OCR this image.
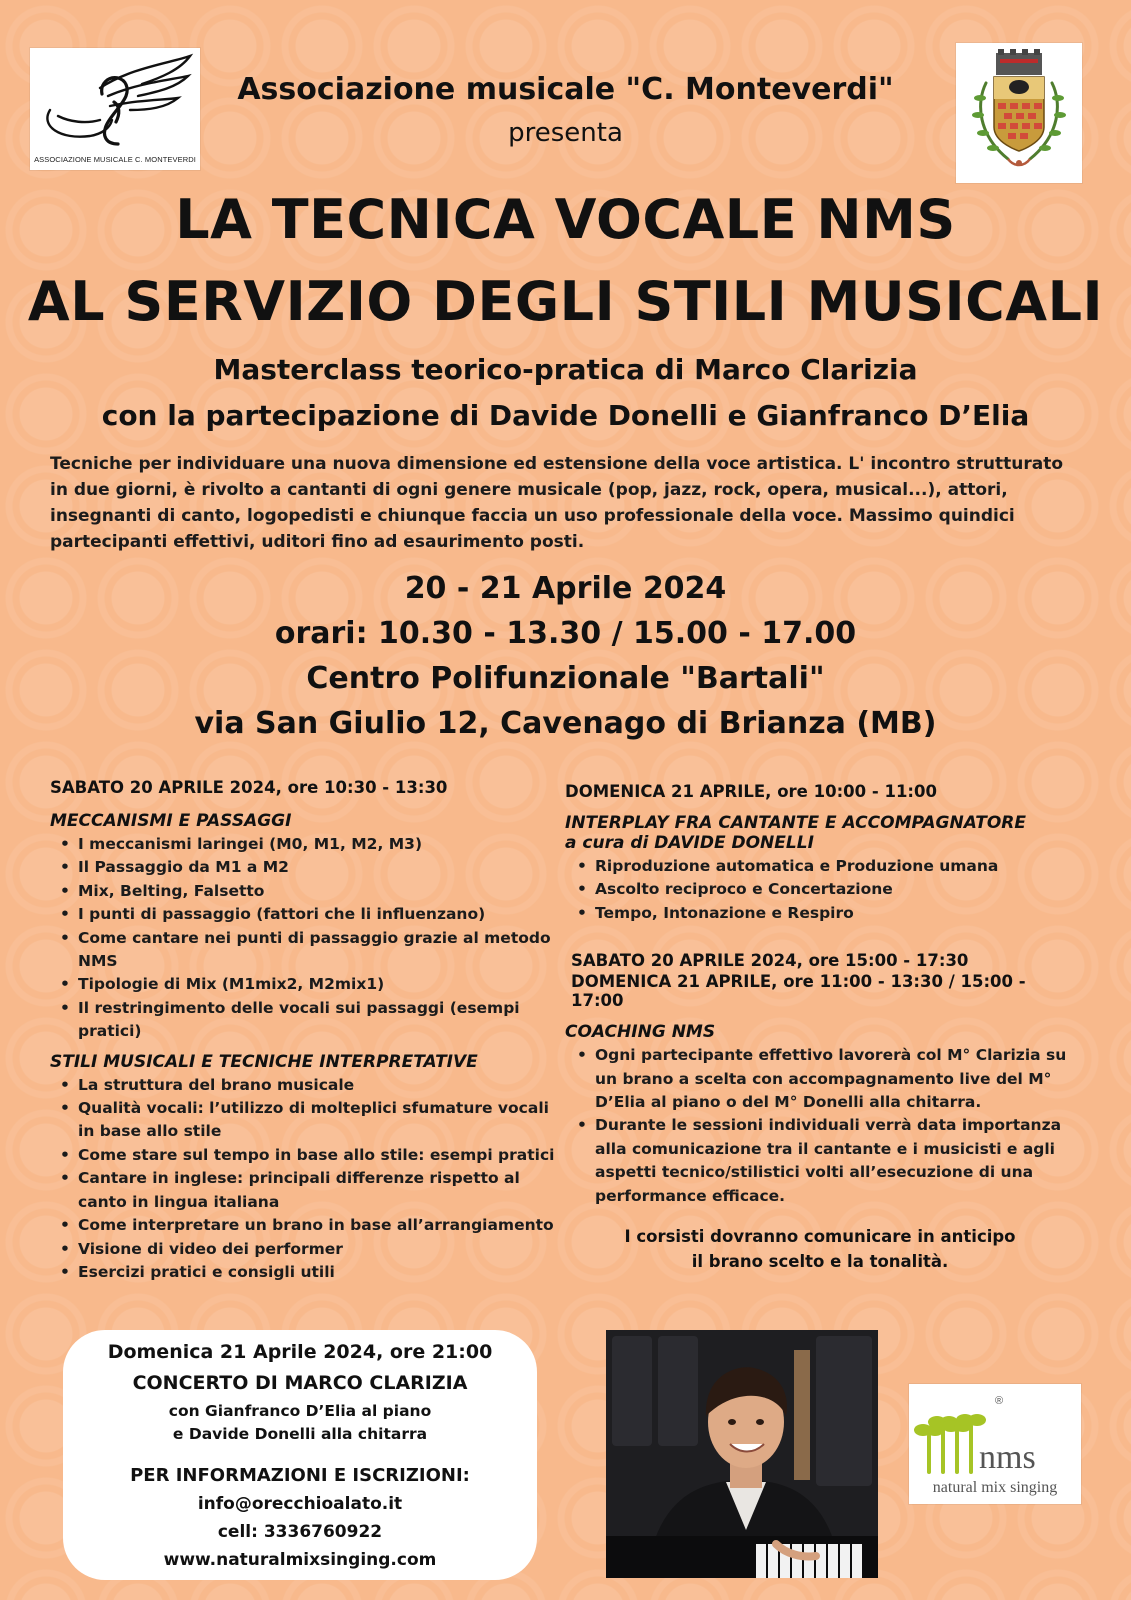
ASSOCIAZIONE MUSICALE C. MONTEVERDI
Associazione musicale "C. Monteverdi"
presenta
LA TECNICA VOCALE NMS
AL SERVIZIO DEGLI STILI MUSICALI
Masterclass teorico-pratica di Marco Clarizia
con la partecipazione di Davide Donelli e Gianfranco D’Elia
Tecniche per individuare una nuova dimensione ed estensione della voce artistica. L' incontro strutturato in due giorni, è rivolto a cantanti di ogni genere musicale (pop, jazz, rock, opera, musical...), attori, insegnanti di canto, logopedisti e chiunque faccia un uso professionale della voce. Massimo quindici partecipanti effettivi, uditori fino ad esaurimento posti.
20 - 21 Aprile 2024
orari: 10.30 - 13.30 / 15.00 - 17.00
Centro Polifunzionale "Bartali"
via San Giulio 12, Cavenago di Brianza (MB)
SABATO 20 APRILE 2024, ore 10:30 - 13:30
MECCANISMI E PASSAGGI
• I meccanismi laringei (M0, M1, M2, M3)
• Il Passaggio da M1 a M2
• Mix, Belting, Falsetto
• I punti di passaggio (fattori che li influenzano)
• Come cantare nei punti di passaggio grazie al metodo NMS
• Tipologie di Mix (M1mix2, M2mix1)
• Il restringimento delle vocali sui passaggi (esempi pratici)
STILI MUSICALI E TECNICHE INTERPRETATIVE
• La struttura del brano musicale
• Qualità vocali: l’utilizzo di molteplici sfumature vocali in base allo stile
• Come stare sul tempo in base allo stile: esempi pratici
• Cantare in inglese: principali differenze rispetto al canto in lingua italiana
• Come interpretare un brano in base all’arrangiamento
• Visione di video dei performer
• Esercizi pratici e consigli utili
DOMENICA 21 APRILE, ore 10:00 - 11:00
INTERPLAY FRA CANTANTE E ACCOMPAGNATORE
a cura di DAVIDE DONELLI
• Riproduzione automatica e Produzione umana
• Ascolto reciproco e Concertazione
• Tempo, Intonazione e Respiro
SABATO 20 APRILE 2024, ore 15:00 - 17:30
DOMENICA 21 APRILE, ore 11:00 - 13:30 / 15:00 - 17:00
COACHING NMS
• Ogni partecipante effettivo lavorerà col M° Clarizia su un brano a scelta con accompagnamento live del M° D’Elia al piano o del M° Donelli alla chitarra.
• Durante le sessioni individuali verrà data importanza alla comunicazione tra il cantante e i musicisti e agli aspetti tecnico/stilistici volti all’esecuzione di una performance efficace.
I corsisti dovranno comunicare in anticipo
il brano scelto e la tonalità.
Domenica 21 Aprile 2024, ore 21:00
CONCERTO DI MARCO CLARIZIA
con Gianfranco D’Elia al piano
e Davide Donelli alla chitarra
PER INFORMAZIONI E ISCRIZIONI:
info@orecchioalato.it
cell: 3336760922
www.naturalmixsinging.com
nms
®
natural mix singing
